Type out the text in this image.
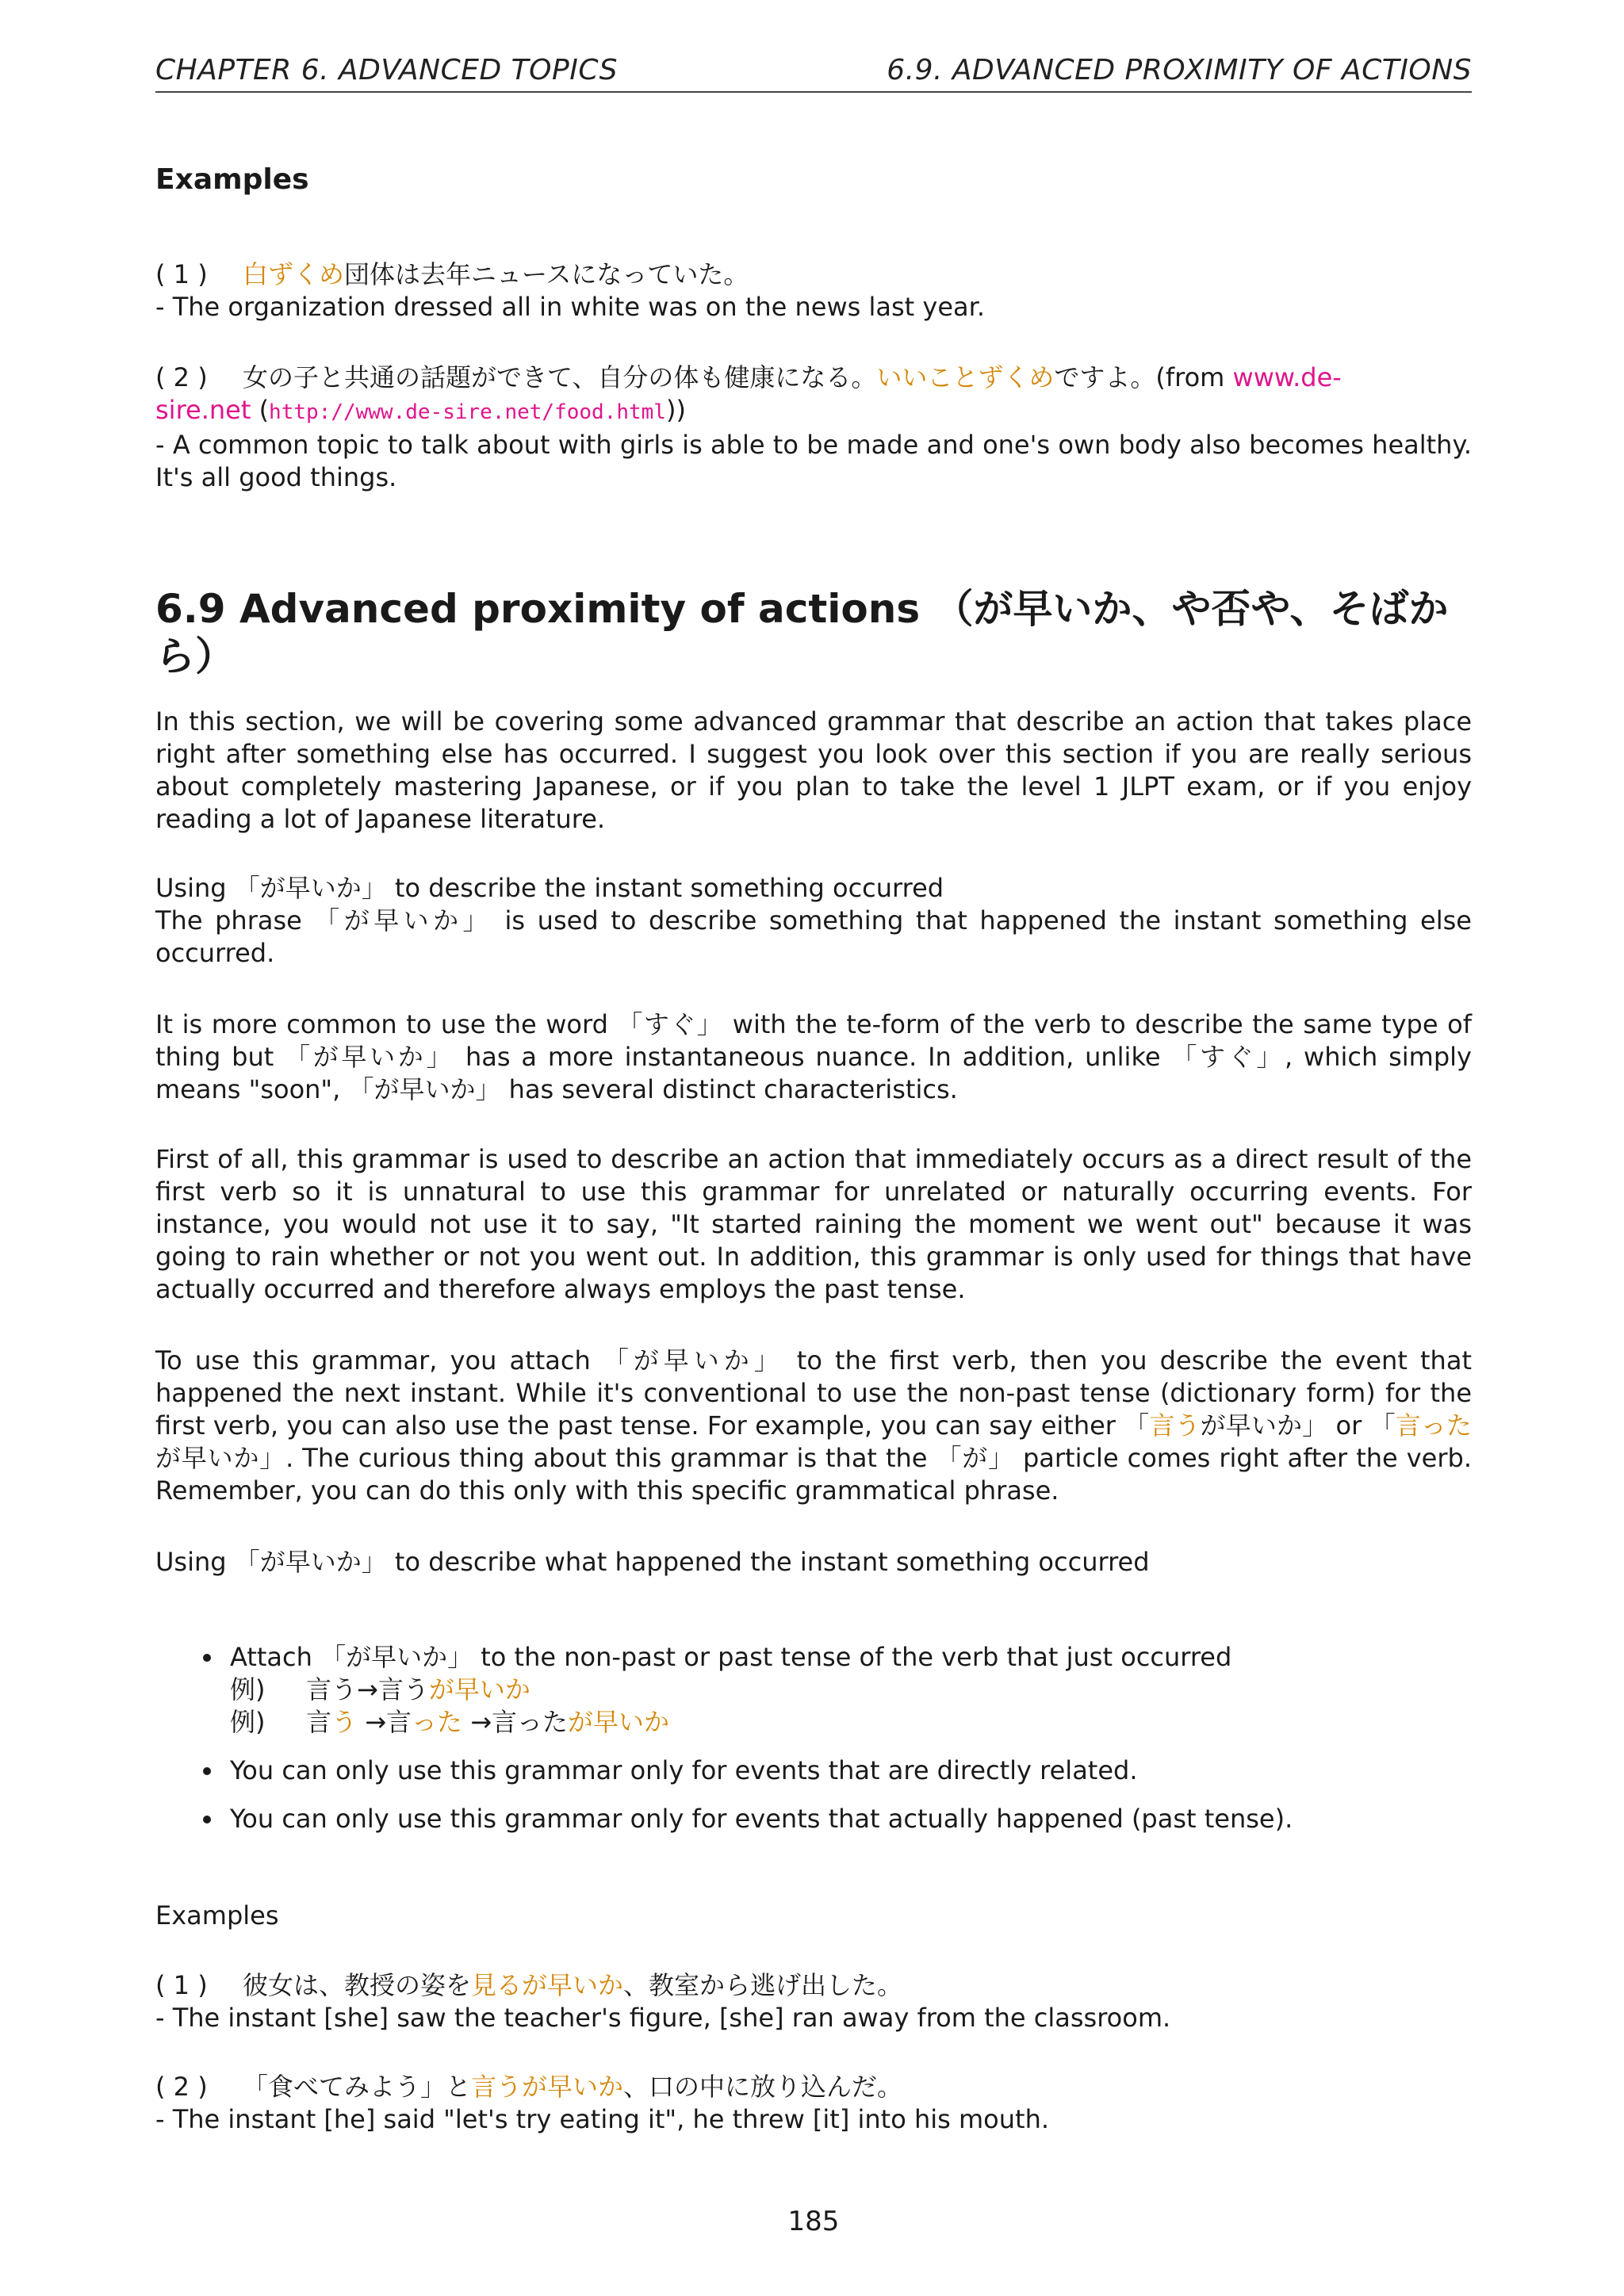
CHAPTER 6. ADVANCED TOPICS	6.9. ADVANCED PROXIMITY OF ACTIONS
Examples
( 1 ) 白ずくめ団体は去年ニュースになっていた。
- The organization dressed all in white was on the news last year.
( 2 ) 女の子と共通の話題ができて、自分の体も健康になる。いいことずくめですよ。(from www.de-
sire.net (http://www.de-sire.net/food.html))
- A common topic to talk about with girls is able to be made and one's own body also becomes healthy. It's all good things.
6.9 Advanced proximity of actions （が早いか、や否や、そばから）
In this section, we will be covering some advanced grammar that describe an action that takes place right after something else has occurred. I suggest you look over this section if you are really serious about completely mastering Japanese, or if you plan to take the level 1 JLPT exam, or if you enjoy reading a lot of Japanese literature.
Using 「が早いか」 to describe the instant something occurred
The phrase 「が早いか」 is used to describe something that happened the instant something else occurred.
It is more common to use the word 「すぐ」 with the te-form of the verb to describe the same type of thing but 「が早いか」 has a more instantaneous nuance. In addition, unlike 「すぐ」, which simply means "soon", 「が早いか」 has several distinct characteristics.
First of all, this grammar is used to describe an action that immediately occurs as a direct result of the first verb so it is unnatural to use this grammar for unrelated or naturally occurring events. For instance, you would not use it to say, "It started raining the moment we went out" because it was going to rain whether or not you went out. In addition, this grammar is only used for things that have actually occurred and therefore always employs the past tense.
To use this grammar, you attach 「が早いか」 to the first verb, then you describe the event that happened the next instant. While it's conventional to use the non-past tense (dictionary form) for the first verb, you can also use the past tense. For example, you can say either 「言うが早いか」 or 「言ったが早いか」. The curious thing about this grammar is that the 「が」 particle comes right after the verb. Remember, you can do this only with this specific grammatical phrase.
Using 「が早いか」 to describe what happened the instant something occurred
Attach 「が早いか」 to the non-past or past tense of the verb that just occurred
例) 言う→言うが早いか
例) 言う →言った →言ったが早いか
You can only use this grammar only for events that are directly related.
You can only use this grammar only for events that actually happened (past tense).
Examples
( 1 ) 彼女は、教授の姿を見るが早いか、教室から逃げ出した。
- The instant [she] saw the teacher's figure, [she] ran away from the classroom.
( 2 ) 「食べてみよう」と言うが早いか、口の中に放り込んだ。
- The instant [he] said "let's try eating it", he threw [it] into his mouth.
185
